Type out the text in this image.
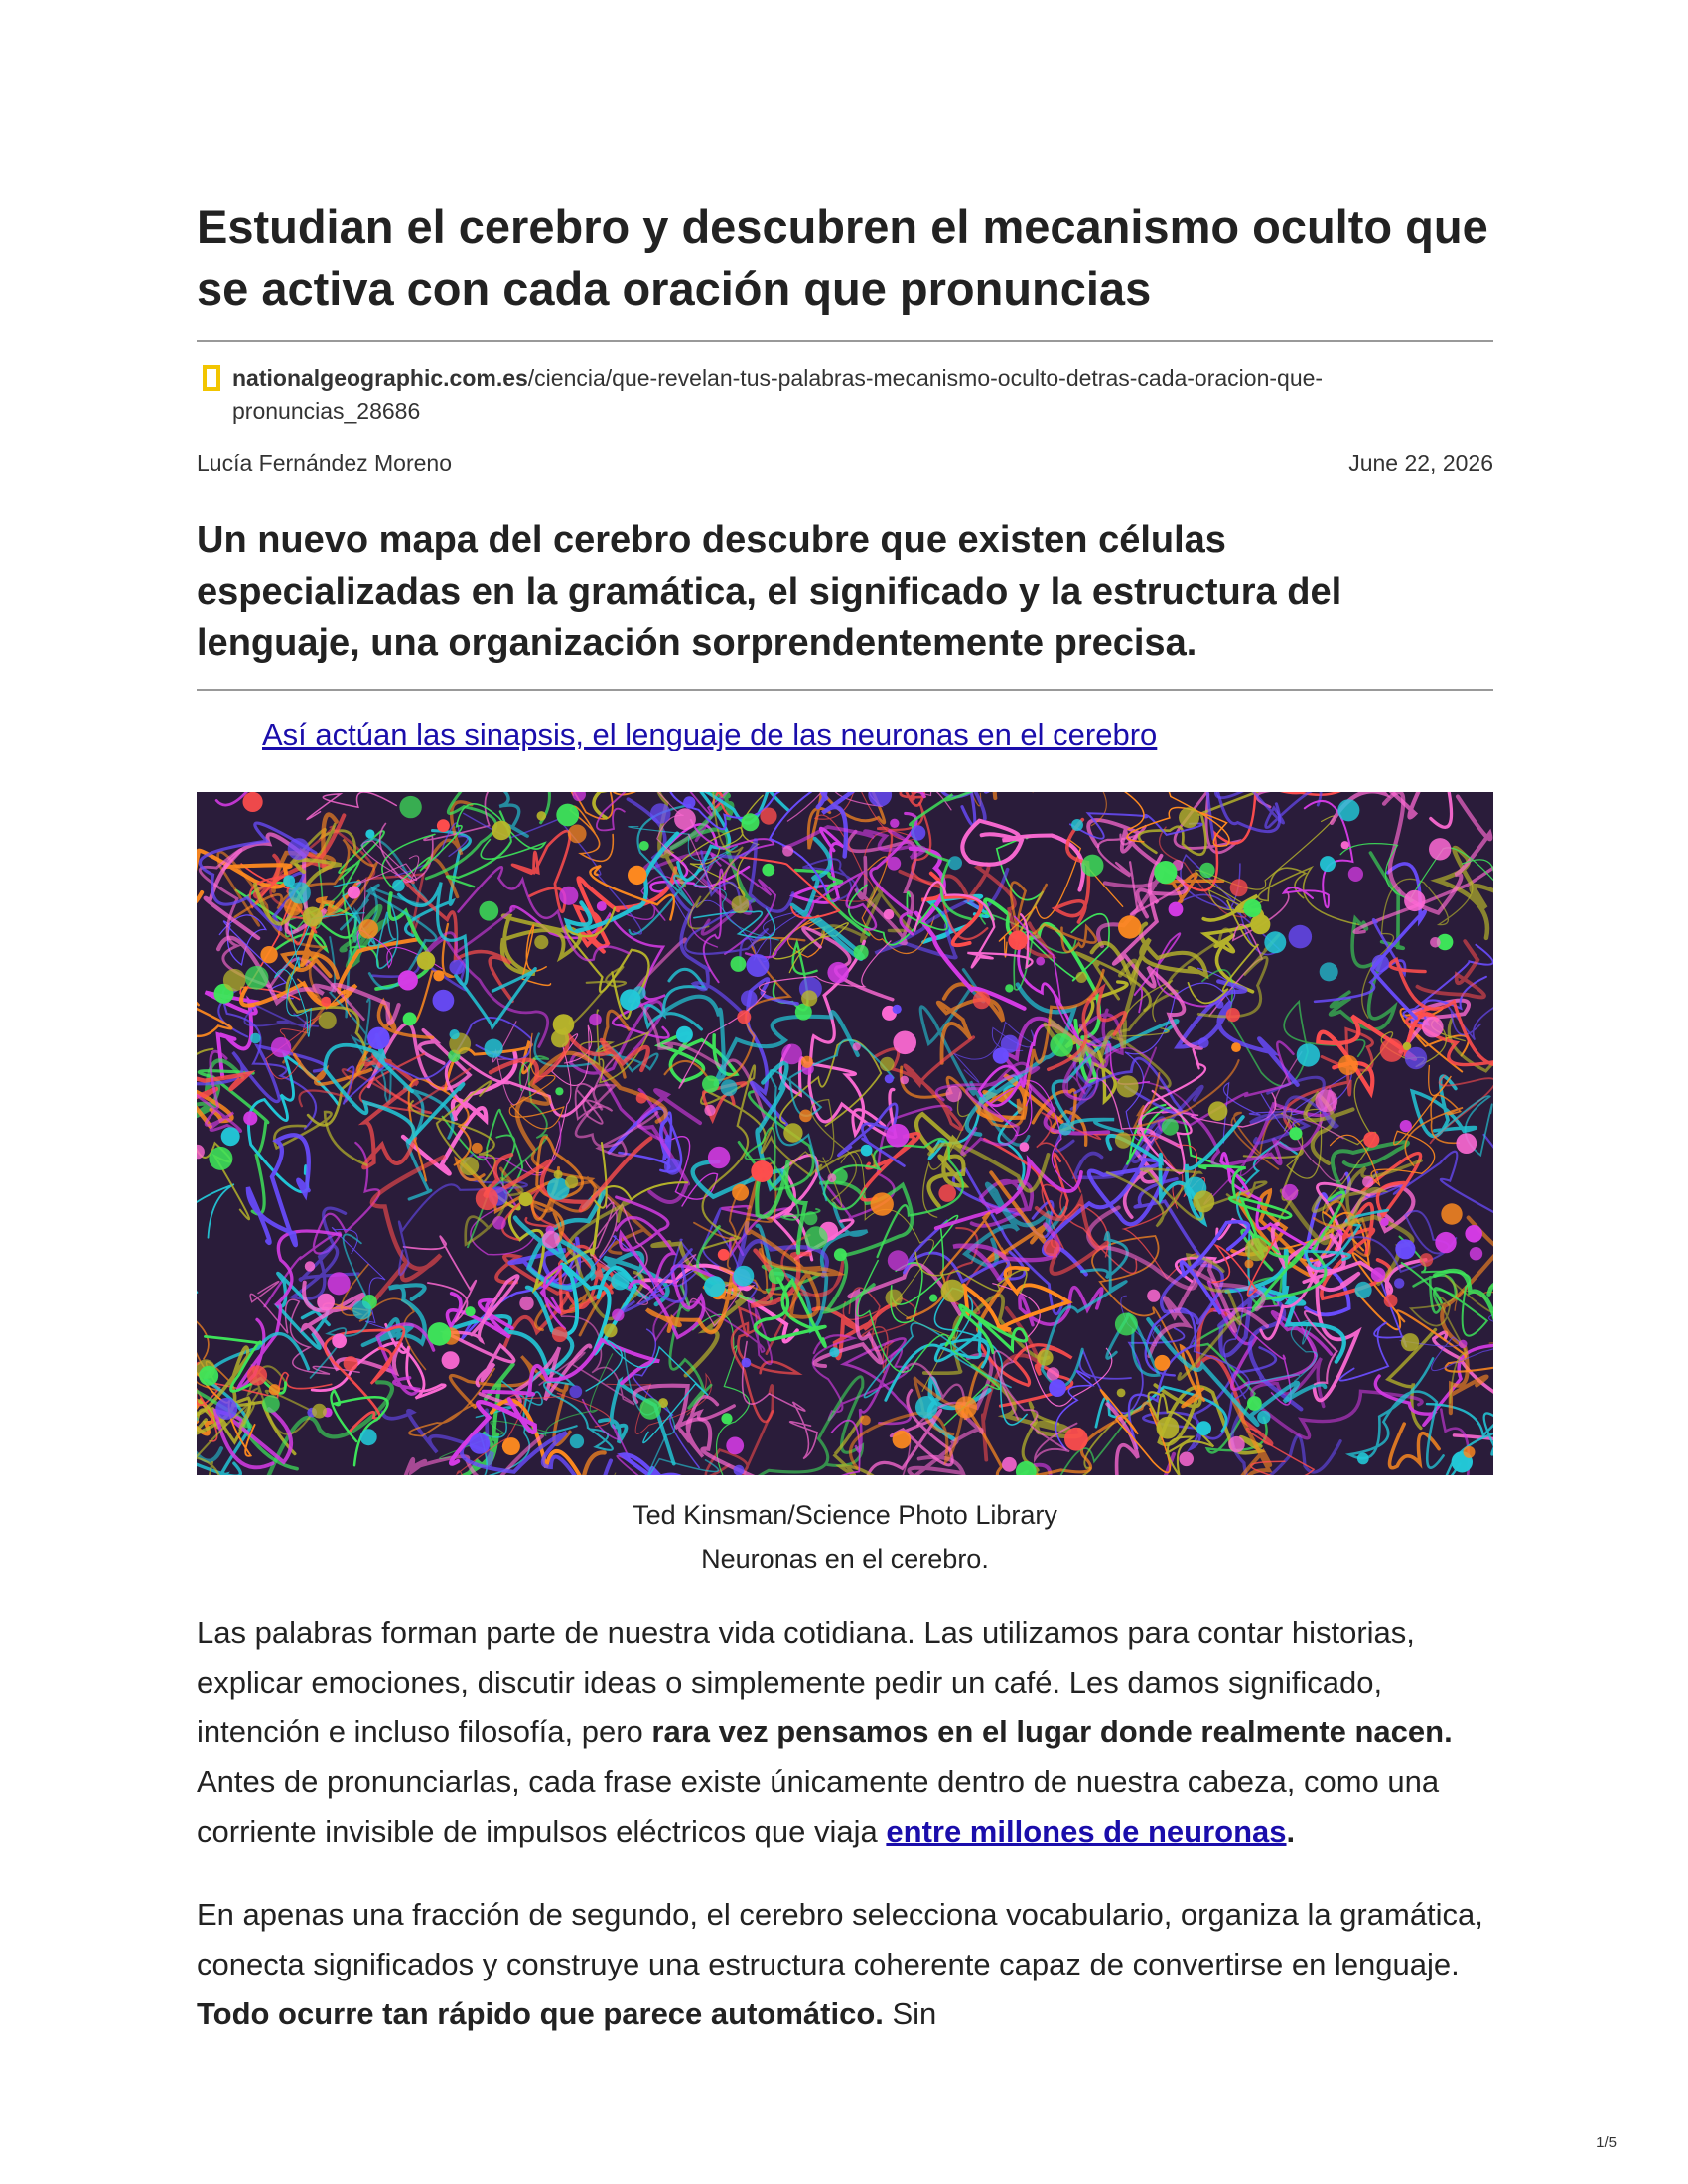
Estudian el cerebro y descubren el mecanismo oculto que se activa con cada oración que pronuncias
nationalgeographic.com.es/ciencia/que-revelan-tus-palabras-mecanismo-oculto-detras-cada-oracion-que-pronuncias_28686
Lucía Fernández Moreno	June 22, 2026
Un nuevo mapa del cerebro descubre que existen células especializadas en la gramática, el significado y la estructura del lenguaje, una organización sorprendentemente precisa.
Así actúan las sinapsis, el lenguaje de las neuronas en el cerebro
Ted Kinsman/Science Photo Library
Neuronas en el cerebro.

Las palabras forman parte de nuestra vida cotidiana. Las utilizamos para contar historias, explicar emociones, discutir ideas o simplemente pedir un café. Les damos significado, intención e incluso filosofía, pero rara vez pensamos en el lugar donde realmente nacen. Antes de pronunciarlas, cada frase existe únicamente dentro de nuestra cabeza, como una corriente invisible de impulsos eléctricos que viaja entre millones de neuronas.

En apenas una fracción de segundo, el cerebro selecciona vocabulario, organiza la gramática, conecta significados y construye una estructura coherente capaz de convertirse en lenguaje. Todo ocurre tan rápido que parece automático. Sin

1/5
